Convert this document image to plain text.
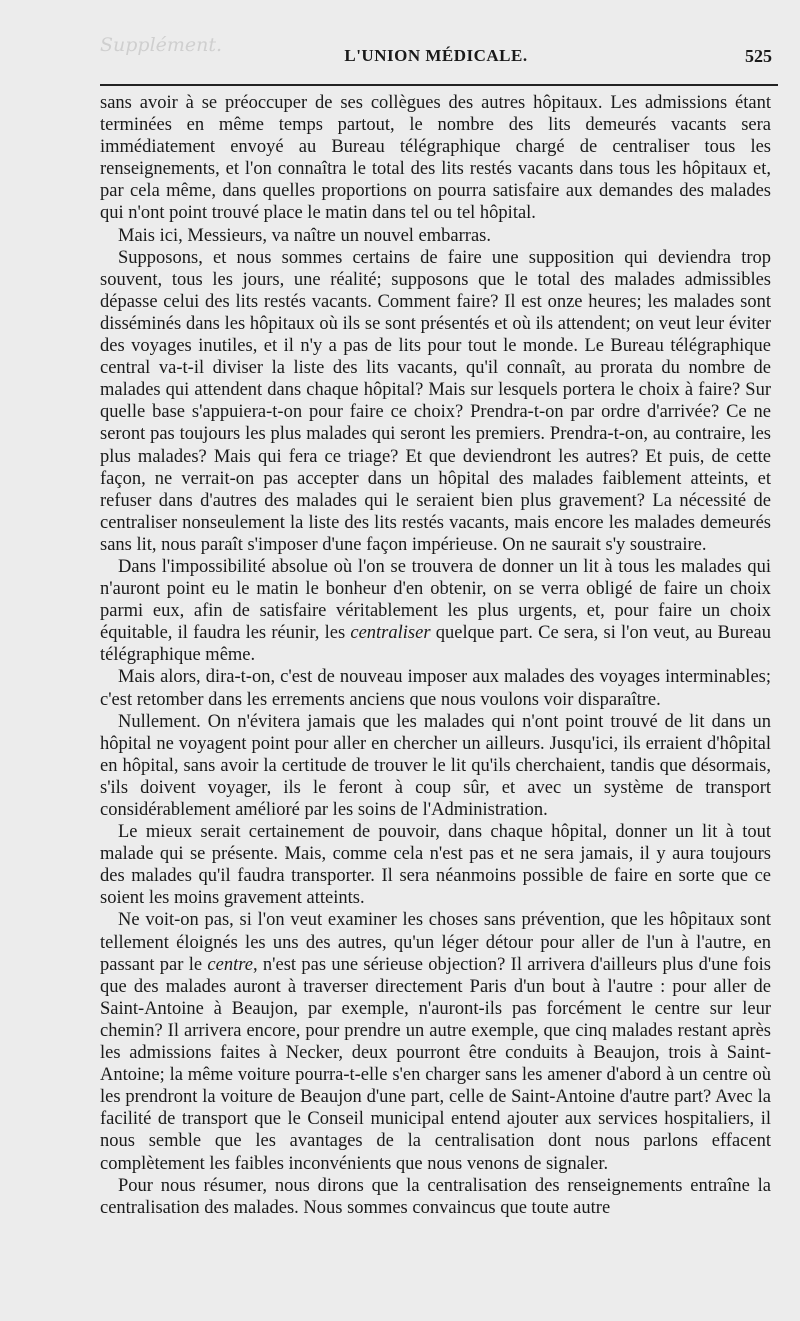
Supplément.	L'UNION MÉDICALE.	525

sans avoir à se préoccuper de ses collègues des autres hôpitaux. Les admissions étant terminées en même temps partout, le nombre des lits demeurés vacants sera immédiatement envoyé au Bureau télégraphique chargé de centraliser tous les renseignements, et l'on connaîtra le total des lits restés vacants dans tous les hôpitaux et, par cela même, dans quelles proportions on pourra satisfaire aux demandes des malades qui n'ont point trouvé place le matin dans tel ou tel hôpital.

Mais ici, Messieurs, va naître un nouvel embarras.

Supposons, et nous sommes certains de faire une supposition qui deviendra trop souvent, tous les jours, une réalité; supposons que le total des malades admissibles dépasse celui des lits restés vacants. Comment faire? Il est onze heures; les malades sont disséminés dans les hôpitaux où ils se sont présentés et où ils attendent; on veut leur éviter des voyages inutiles, et il n'y a pas de lits pour tout le monde. Le Bureau télégraphique central va-t-il diviser la liste des lits vacants, qu'il connaît, au prorata du nombre de malades qui attendent dans chaque hôpital? Mais sur lesquels portera le choix à faire? Sur quelle base s'appuiera-t-on pour faire ce choix? Prendra-t-on par ordre d'arrivée? Ce ne seront pas toujours les plus malades qui seront les premiers. Prendra-t-on, au contraire, les plus malades? Mais qui fera ce triage? Et que deviendront les autres? Et puis, de cette façon, ne verrait-on pas accepter dans un hôpital des malades faiblement atteints, et refuser dans d'autres des malades qui le seraient bien plus gravement? La nécessité de centraliser nonseulement la liste des lits restés vacants, mais encore les malades demeurés sans lit, nous paraît s'imposer d'une façon impérieuse. On ne saurait s'y soustraire.

Dans l'impossibilité absolue où l'on se trouvera de donner un lit à tous les malades qui n'auront point eu le matin le bonheur d'en obtenir, on se verra obligé de faire un choix parmi eux, afin de satisfaire véritablement les plus urgents, et, pour faire un choix équitable, il faudra les réunir, les centraliser quelque part. Ce sera, si l'on veut, au Bureau télégraphique même.

Mais alors, dira-t-on, c'est de nouveau imposer aux malades des voyages interminables; c'est retomber dans les errements anciens que nous voulons voir disparaître.

Nullement. On n'évitera jamais que les malades qui n'ont point trouvé de lit dans un hôpital ne voyagent point pour aller en chercher un ailleurs. Jusqu'ici, ils erraient d'hôpital en hôpital, sans avoir la certitude de trouver le lit qu'ils cherchaient, tandis que désormais, s'ils doivent voyager, ils le feront à coup sûr, et avec un système de transport considérablement amélioré par les soins de l'Administration.

Le mieux serait certainement de pouvoir, dans chaque hôpital, donner un lit à tout malade qui se présente. Mais, comme cela n'est pas et ne sera jamais, il y aura toujours des malades qu'il faudra transporter. Il sera néanmoins possible de faire en sorte que ce soient les moins gravement atteints.

Ne voit-on pas, si l'on veut examiner les choses sans prévention, que les hôpitaux sont tellement éloignés les uns des autres, qu'un léger détour pour aller de l'un à l'autre, en passant par le centre, n'est pas une sérieuse objection? Il arrivera d'ailleurs plus d'une fois que des malades auront à traverser directement Paris d'un bout à l'autre : pour aller de Saint-Antoine à Beaujon, par exemple, n'auront-ils pas forcément le centre sur leur chemin? Il arrivera encore, pour prendre un autre exemple, que cinq malades restant après les admissions faites à Necker, deux pourront être conduits à Beaujon, trois à Saint-Antoine; la même voiture pourra-t-elle s'en charger sans les amener d'abord à un centre où les prendront la voiture de Beaujon d'une part, celle de Saint-Antoine d'autre part? Avec la facilité de transport que le Conseil municipal entend ajouter aux services hospitaliers, il nous semble que les avantages de la centralisation dont nous parlons effacent complètement les faibles inconvénients que nous venons de signaler.

Pour nous résumer, nous dirons que la centralisation des renseignements entraîne la centralisation des malades. Nous sommes convaincus que toute autre
